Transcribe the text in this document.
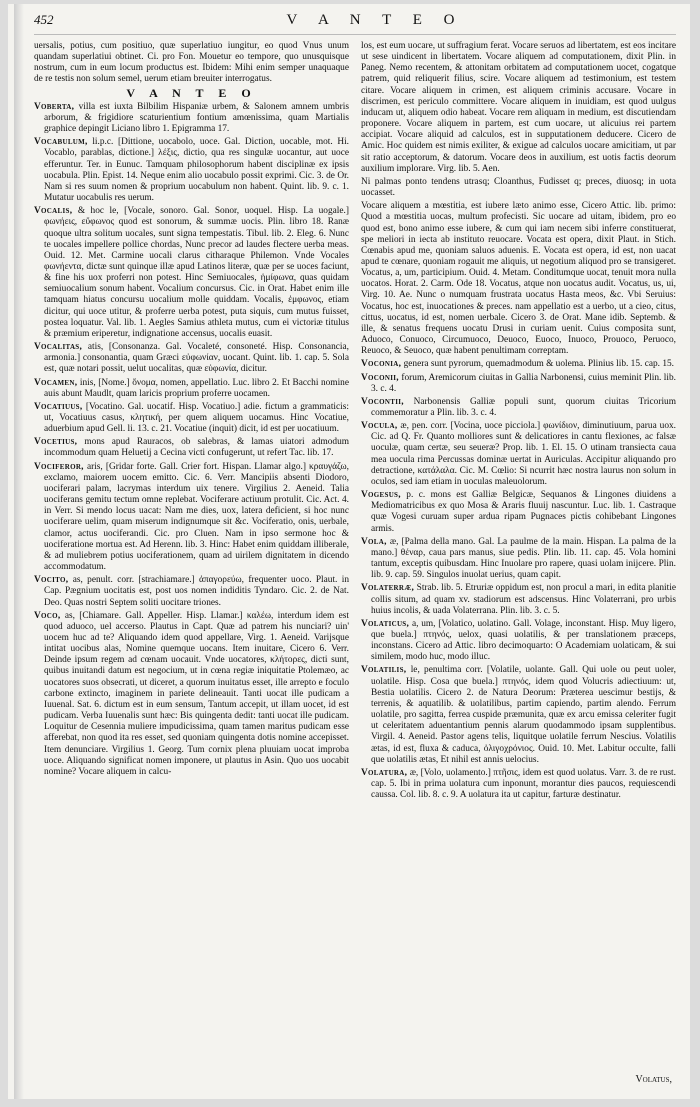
452	V A N T E O

uersalis, potius, cum positiuo, quæ superlatiuo iungitur, eo quod Vnus unum quandam superlatiui obtinet. Ci. pro Fon. Mouetur eo tempore, quo unusquisque nostrum, cum in eum locum productus est. Ibidem: Mihi enim semper unaquaque de re testis non solum semel, uerum etiam breuiter interrogatus.

V A N T E O

Voberta, villa est iuxta Bilbilim Hispaniæ urbem, & Salonem amnem umbris arborum, & frigidiore scaturientium fontium amœnissima, quam Martialis graphice depingit Liciano libro 1. Epigramma 17.

Vocabulum, li.p.c. [Dittione, uocabolo, uoce. Gal. Diction, uocable, mot. Hi. Vocablo, parablas, dictione.] λέξις, dictio, qua res singulæ uocantur, aut uoce efferuntur. Ter. in Eunuc. Tamquam philosophorum habent disciplinæ ex ipsis uocabula. Plin. Epist. 14. Neque enim alio uocabulo possit exprimi. Cic. 3. de Or. Nam si res suum nomen & proprium uocabulum non habent. Quint. lib. 9. c. 1. Mutatur uocabulis res uerum.

Vocalis, & hoc le, [Vocale, sonoro. Gal. Sonor, uoquel. Hisp. La uogale.] φωνήεις, εὔφωνος quod est sonorum, & summæ uocis. Plin. libro 18. Ranæ quoque ultra solitum uocales, sunt signa tempestatis. Tibul. lib. 2. Eleg. 6. Nunc te uocales impellere pollice chordas, Nunc precor ad laudes flectere uerba meas. Ouid. 12. Met. Carmine uocali clarus citharaque Philemon. Vnde Vocales φωνήεντα, dictæ sunt quinque illæ apud Latinos literæ, quæ per se uoces faciunt, & fine his uox proferri non potest. Hinc Semiuocales, ἡμίφωνα, quas quidam semiuocalium sonum habent. Vocalium concursus. Cic. in Orat. Habet enim ille tamquam hiatus concursu uocalium molle quiddam. Vocalis, ἐμφωνος, etiam dicitur, qui uoce utitur, & proferre uerba potest, puta siquis, cum mutus fuisset, postea loquatur. Val. lib. 1. Aegles Samius athleta mutus, cum ei victoriæ titulus & præmium eriperetur, indignatione accensus, uocalis euasit.

Vocalitas, atis, [Consonanza. Gal. Vocaleté, consoneté. Hisp. Consonancia, armonia.] consonantia, quam Græci εὐφωνίαν, uocant. Quint. lib. 1. cap. 5. Sola est, quæ notari possit, uelut uocalitas, quæ εὐφωνία, dicitur.

Vocamen, inis, [Nome.] ὄνομα, nomen, appellatio. Luc. libro 2. Et Bacchi nomine auis abunt Maudlt, quam laricis proprium proferre uocamen.

Vocatiuus, [Vocatino. Gal. uocatif. Hisp. Vocatiuo.] adie. fictum a grammaticis: ut, Vocatiuus casus, κλητική, per quem aliquem uocamus. Hinc Vocatiue, aduerbium apud Gell. li. 13. c. 21. Vocatiue (inquit) dicit, id est per uocatiuum.

Vocetius, mons apud Rauracos, ob salebras, & lamas uiatori admodum incommodum quam Heluetij a Cecina victi confugerunt, ut refert Tac. lib. 17.

Vociferor, aris, [Gridar forte. Gall. Crier fort. Hispan. Llamar algo.] κραυγάζω, exclamo, maiorem uocem emitto. Cic. 6. Verr. Mancipiis absenti Diodoro, uociferari palam, lacrymas interdum uix tenere. Virgilius 2. Aeneid. Talia uociferans gemitu tectum omne replebat. Vociferare actiuum protulit. Cic. Act. 4. in Verr. Si mendo locus uacat: Nam me dies, uox, latera deficient, si hoc nunc uociferare uelim, quam miserum indignumque sit &c. Vociferatio, onis, uerbale, clamor, actus uociferandi. Cic. pro Cluen. Nam in ipso sermone hoc & uociferatione mortua est. Ad Herenn. lib. 3. Hinc: Habet enim quiddam illiberale, & ad muliebrem potius uociferationem, quam ad uirilem dignitatem in dicendo accommodatum.

Vocito, as, penult. corr. [strachiamare.] ἀπαγορεύω, frequenter uoco. Plaut. in Cap. Pægnium uocitatis est, post uos nomen indiditis Tyndaro. Cic. 2. de Nat. Deo. Quas nostri Septem soliti uocitare triones.

Voco, as, [Chiamare. Gall. Appeller. Hisp. Llamar.] καλέω, interdum idem est quod aduoco, uel accerso. Plautus in Capt. Quæ ad patrem his nunciari? uin' uocem huc ad te? Aliquando idem quod appellare, Virg. 1. Aeneid. Varijsque intitat uocibus alas, Nomine quemque uocans. Item inuitare, Cicero 6. Verr. Deinde ipsum regem ad cœnam uocauit. Vnde uocatores, κλήτορες, dicti sunt, quibus inuitandi datum est negocium, ut in cœna regiæ iniquitatie Ptolemæo, ac uocatores suos obsecrati, ut diceret, a quorum inuitatus esset, ille arrepto e foculo carbone extincto, imaginem in pariete delineauit. Tanti uocat ille pudicam a Iuuenal. Sat. 6. dictum est in eum sensum, Tantum accepit, ut illam uocet, id est pudicam. Verba Iuuenalis sunt hæc: Bis quingenta dedit: tanti uocat ille pudicam. Loquitur de Cesennia muliere impudicissima, quam tamen maritus pudicam esse afferebat, non quod ita res esset, sed quoniam quingenta dotis nomine accepisset. Item denunciare. Virgilius 1. Georg. Tum cornix plena pluuiam uocat improba uoce. Aliquando significat nomen imponere, ut plautus in Asin. Quo uos uocabit nomine? Vocare aliquem in calcu-

los, est eum uocare, ut suffragium ferat. Vocare seruos ad libertatem, est eos incitare ut sese uindicent in libertatem. Vocare aliquem ad computationem, dixit Plin. in Paneg. Nemo recentem, & attonitam orbitatem ad computationem uocet, cogatque patrem, quid reliquerit filius, scire. Vocare aliquem ad testimonium, est testem citare. Vocare aliquem in crimen, est aliquem criminis accusare. Vocare in discrimen, est periculo committere. Vocare aliquem in inuidiam, est quod uulgus inducam ut, aliquem odio habeat. Vocare rem aliquam in medium, est discutiendam proponere. Vocare aliquem in partem, est cum uocare, ut alicuius rei partem accipiat. Vocare aliquid ad calculos, est in supputationem deducere. Cicero de Amic. Hoc quidem est nimis exiliter, & exigue ad calculos uocare amicitiam, ut par sit ratio acceptorum, & datorum. Vocare deos in auxilium, est uotis factis deorum auxilium implorare. Virg. lib. 5. Aen.

Ni palmas ponto tendens utrasq; Cloanthus, Fudisset q; preces, diuosq; in uota uocasset.

Vocare aliquem a mœstitia, est iubere læto animo esse, Cicero Attic. lib. primo: Quod a mœstitia uocas, multum profecisti. Sic uocare ad uitam, ibidem, pro eo quod est, bono animo esse iubere, & cum qui iam necem sibi inferre constituerat, spe meliori in iecta ab instituto reuocare. Vocata est opera, dixit Plaut. in Stich. Cœnabis apud me, quoniam saluos aduenis. E. Vocata est opera, id est, non uacat apud te cœnare, quoniam rogauit me aliquis, ut negotium aliquod pro se transigeret. Vocatus, a, um, participium. Ouid. 4. Metam. Conditumque uocat, tenuit mora nulla uocatos. Horat. 2. Carm. Ode 18. Vocatus, atque non uocatus audit. Vocatus, us, ui, Virg. 10. Ae. Nunc o numquam frustrata uocatus Hasta meos, &c. Vbi Seruius: Vocatus, hoc est, inuocationes & preces. nam appellatio est a uerbo, ut a cieo, citus, cittus, uocatus, id est, nomen uerbale. Cicero 3. de Orat. Mane idib. Septemb. & ille, & senatus frequens uocatu Drusi in curiam uenit. Cuius composita sunt, Aduoco, Conuoco, Circumuoco, Deuoco, Euoco, Inuoco, Prouoco, Peruoco, Reuoco, & Seuoco, quæ habent penultimam correptam.

Voconia, genera sunt pyrorum, quemadmodum & uolema. Plinius lib. 15. cap. 15.

Voconii, forum, Aremicorum ciuitas in Gallia Narbonensi, cuius meminit Plin. lib. 3. c. 4.

Vocontii, Narbonensis Galliæ populi sunt, quorum ciuitas Tricorium commemoratur a Plin. lib. 3. c. 4.

Vocula, æ, pen. corr. [Vocina, uoce picciola.] φωνίδιον, diminutiuum, parua uox. Cic. ad Q. Fr. Quanto molliores sunt & delicatiores in cantu flexiones, ac falsæ uoculæ, quam certæ, seu seueræ? Prop. lib. 1. El. 15. O utinam transiecta caua mea uocula rima Percussas dominæ uertat in Auriculas. Accipitur aliquando pro detractione, κατάλαλα. Cic. M. Cœlio: Si ncurrit hæc nostra laurus non solum in oculos, sed iam etiam in uoculas maleuolorum.

Vogesus, p. c. mons est Galliæ Belgicæ, Sequanos & Lingones diuidens a Mediomatricibus ex quo Mosa & Araris fluuij nascuntur. Luc. lib. 1. Castraque quæ Vogesi curuam super ardua ripam Pugnaces pictis cohibebant Lingones armis.

Vola, æ, [Palma della mano. Gal. La paulme de la main. Hispan. La palma de la mano.] θέναρ, caua pars manus, siue pedis. Plin. lib. 11. cap. 45. Vola homini tantum, exceptis quibusdam. Hinc Inuolare pro rapere, quasi uolam inijcere. Plin. lib. 9. cap. 59. Singulos inuolat uerius, quam capit.

Volaterræ, Strab. lib. 5. Etruriæ oppidum est, non procul a mari, in edita planitie collis situm, ad quam xv. stadiorum est adscensus. Hinc Volaterrani, pro urbis huius incolis, & uada Volaterrana. Plin. lib. 3. c. 5.

Volaticus, a, um, [Volatico, uolatino. Gall. Volage, inconstant. Hisp. Muy ligero, que buela.] πτηνός, uelox, quasi uolatilis, & per translationem præceps, inconstans. Cicero ad Attic. libro decimoquarto: O Academiam uolaticam, & sui similem, modo huc, modo illuc.

Volatilis, le, penultima corr. [Volatile, uolante. Gall. Qui uole ou peut uoler, uolatile. Hisp. Cosa que buela.] πτηνός, idem quod Volucris adiectiuum: ut, Bestia uolatilis. Cicero 2. de Natura Deorum: Præterea uescimur bestijs, & terrenis, & aquatilib. & uolatilibus, partim capiendo, partim alendo. Ferrum uolatile, pro sagitta, ferrea cuspide præmunita, quæ ex arcu emissa celeriter fugit ut celeritatem aduentantium pennis alarum quodammodo ipsam supplentibus. Virgil. 4. Aeneid. Pastor agens telis, liquitque uolatile ferrum Nescius. Volatilis ætas, id est, fluxa & caduca, ὀλιγοχρόνιος. Ouid. 10. Met. Labitur occulte, falli que uolatilis ætas, Et nihil est annis uelocius.

Volatura, æ, [Volo, uolamento.] πτῆσις, idem est quod uolatus. Varr. 3. de re rust. cap. 5. Ibi in prima uolatura cum inponunt, morantur dies paucos, requiescendi caussa. Col. lib. 8. c. 9. A uolatura ita ut capitur, farturæ destinatur.

Volatus,
